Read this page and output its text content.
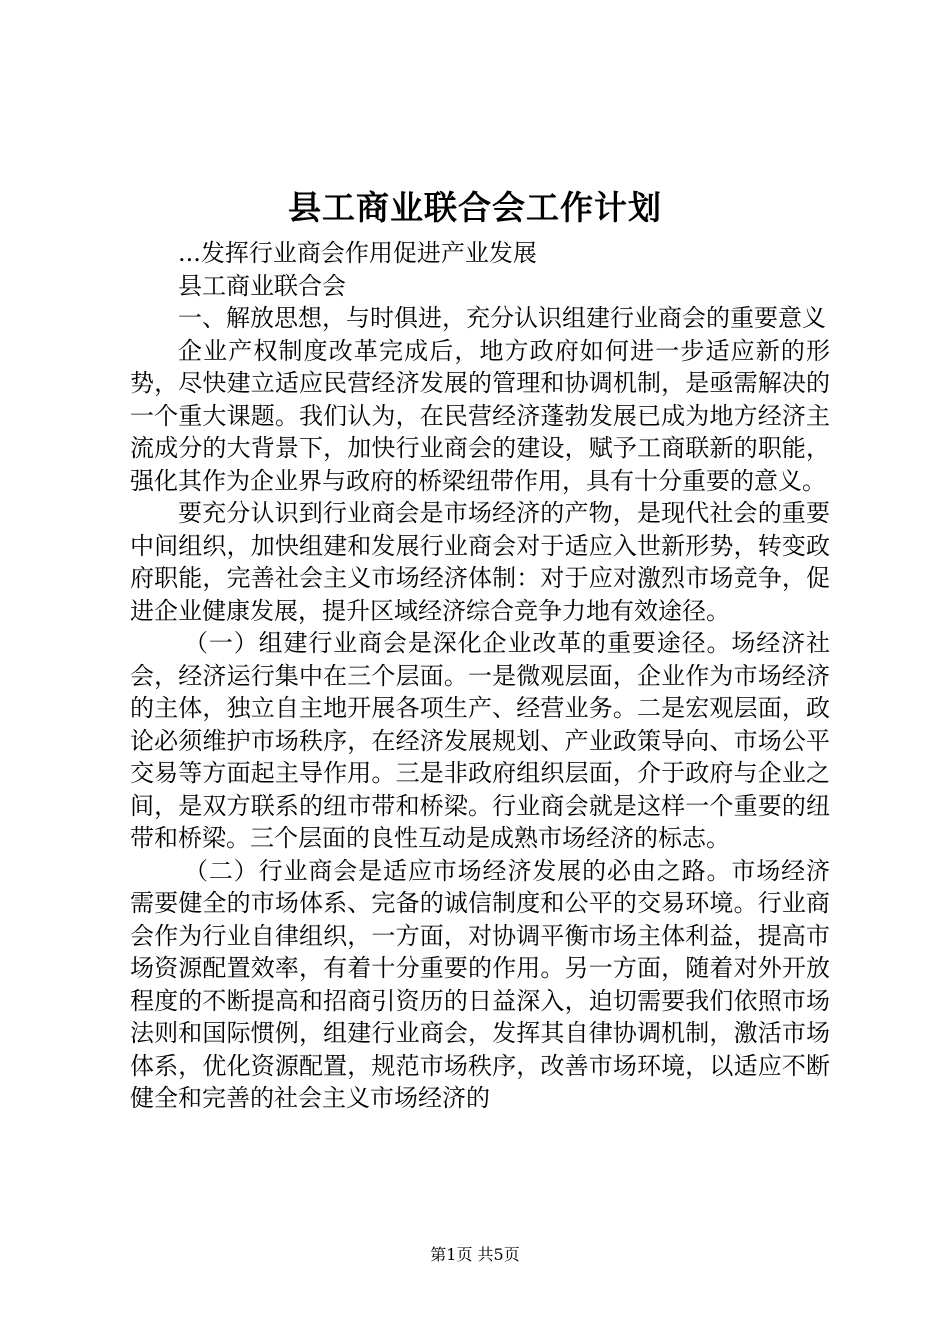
县工商业联合会工作计划

...发挥行业商会作用促进产业发展

县工商业联合会

一、解放思想，与时俱进，充分认识组建行业商会的重要意义

企业产权制度改革完成后，地方政府如何进一步适应新的形势，尽快建立适应民营经济发展的管理和协调机制，是亟需解决的一个重大课题。我们认为，在民营经济蓬勃发展已成为地方经济主流成分的大背景下，加快行业商会的建设，赋予工商联新的职能，强化其作为企业界与政府的桥梁纽带作用，具有十分重要的意义。

要充分认识到行业商会是市场经济的产物，是现代社会的重要中间组织，加快组建和发展行业商会对于适应入世新形势，转变政府职能，完善社会主义市场经济体制：对于应对激烈市场竞争，促进企业健康发展，提升区域经济综合竞争力地有效途径。

（一）组建行业商会是深化企业改革的重要途径。场经济社会，经济运行集中在三个层面。一是微观层面，企业作为市场经济的主体，独立自主地开展各项生产、经营业务。二是宏观层面，政论必须维护市场秩序，在经济发展规划、产业政策导向、市场公平交易等方面起主导作用。三是非政府组织层面，介于政府与企业之间，是双方联系的纽市带和桥梁。行业商会就是这样一个重要的纽带和桥梁。三个层面的良性互动是成熟市场经济的标志。

（二）行业商会是适应市场经济发展的必由之路。市场经济需要健全的市场体系、完备的诚信制度和公平的交易环境。行业商会作为行业自律组织，一方面，对协调平衡市场主体利益，提高市场资源配置效率，有着十分重要的作用。另一方面，随着对外开放程度的不断提高和招商引资历的日益深入，迫切需要我们依照市场法则和国际惯例，组建行业商会，发挥其自律协调机制，激活市场体系，优化资源配置，规范市场秩序，改善市场环境，以适应不断健全和完善的社会主义市场经济的

第1页 共5页
